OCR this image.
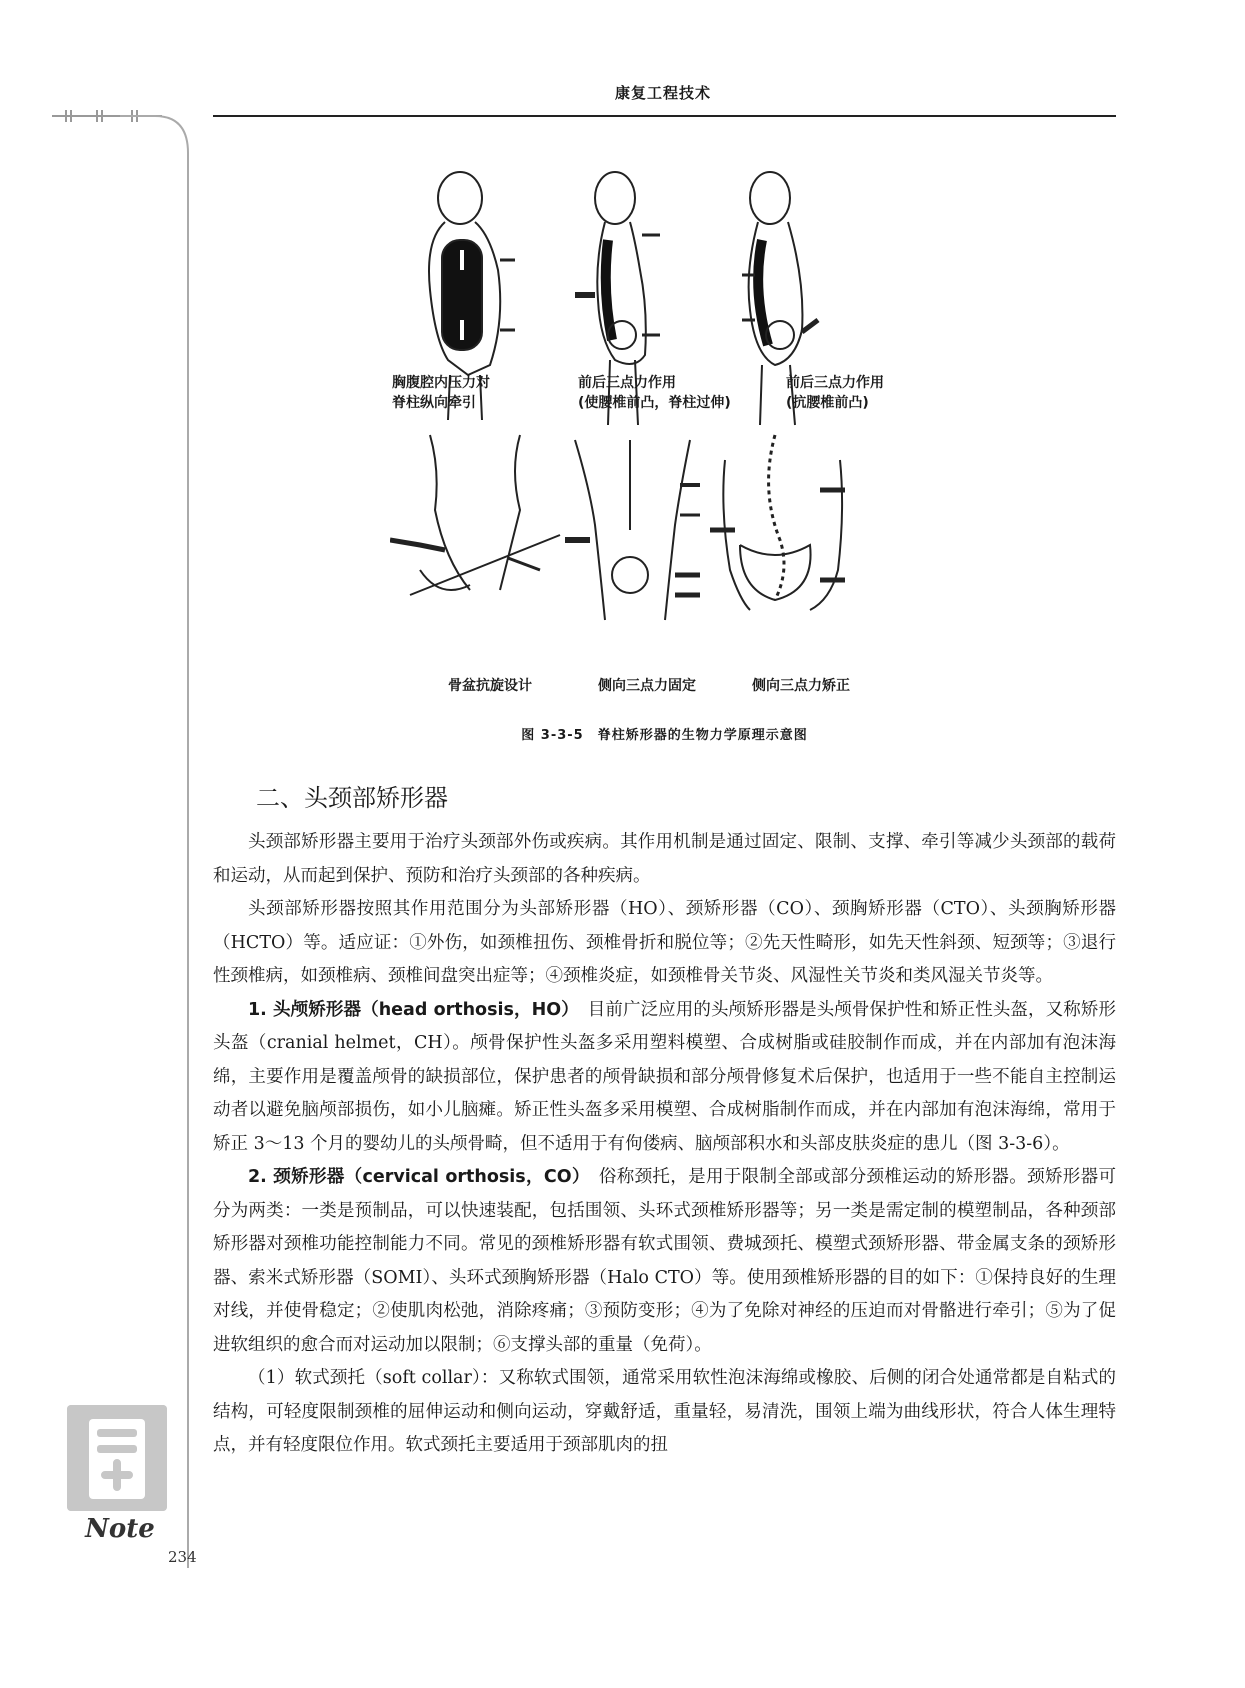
康复工程技术
胸腹腔内压力对
脊柱纵向牵引
前后三点力作用
(使腰椎前凸，脊柱过伸)
前后三点力作用
(抗腰椎前凸)
骨盆抗旋设计	侧向三点力固定	侧向三点力矫正
图 3-3-5　脊柱矫形器的生物力学原理示意图
二、头颈部矫形器

头颈部矫形器主要用于治疗头颈部外伤或疾病。其作用机制是通过固定、限制、支撑、牵引等减少头颈部的载荷和运动，从而起到保护、预防和治疗头颈部的各种疾病。

头颈部矫形器按照其作用范围分为头部矫形器（HO）、颈矫形器（CO）、颈胸矫形器（CTO）、头颈胸矫形器（HCTO）等。适应证：①外伤，如颈椎扭伤、颈椎骨折和脱位等；②先天性畸形，如先天性斜颈、短颈等；③退行性颈椎病，如颈椎病、颈椎间盘突出症等；④颈椎炎症，如颈椎骨关节炎、风湿性关节炎和类风湿关节炎等。

1. 头颅矫形器（head orthosis，HO）　目前广泛应用的头颅矫形器是头颅骨保护性和矫正性头盔，又称矫形头盔（cranial helmet，CH）。颅骨保护性头盔多采用塑料模塑、合成树脂或硅胶制作而成，并在内部加有泡沫海绵，主要作用是覆盖颅骨的缺损部位，保护患者的颅骨缺损和部分颅骨修复术后保护，也适用于一些不能自主控制运动者以避免脑颅部损伤，如小儿脑瘫。矫正性头盔多采用模塑、合成树脂制作而成，并在内部加有泡沫海绵，常用于矫正 3～13 个月的婴幼儿的头颅骨畸，但不适用于有佝偻病、脑颅部积水和头部皮肤炎症的患儿（图 3-3-6）。

2. 颈矫形器（cervical orthosis，CO）　俗称颈托，是用于限制全部或部分颈椎运动的矫形器。颈矫形器可分为两类：一类是预制品，可以快速装配，包括围领、头环式颈椎矫形器等；另一类是需定制的模塑制品，各种颈部矫形器对颈椎功能控制能力不同。常见的颈椎矫形器有软式围领、费城颈托、模塑式颈矫形器、带金属支条的颈矫形器、索米式矫形器（SOMI）、头环式颈胸矫形器（Halo CTO）等。使用颈椎矫形器的目的如下：①保持良好的生理对线，并使骨稳定；②使肌肉松弛，消除疼痛；③预防变形；④为了免除对神经的压迫而对骨骼进行牵引；⑤为了促进软组织的愈合而对运动加以限制；⑥支撑头部的重量（免荷）。

（1）软式颈托（soft collar）：又称软式围领，通常采用软性泡沫海绵或橡胶、后侧的闭合处通常都是自粘式的结构，可轻度限制颈椎的屈伸运动和侧向运动，穿戴舒适，重量轻，易清洗，围领上端为曲线形状，符合人体生理特点，并有轻度限位作用。软式颈托主要适用于颈部肌肉的扭

Note
234
